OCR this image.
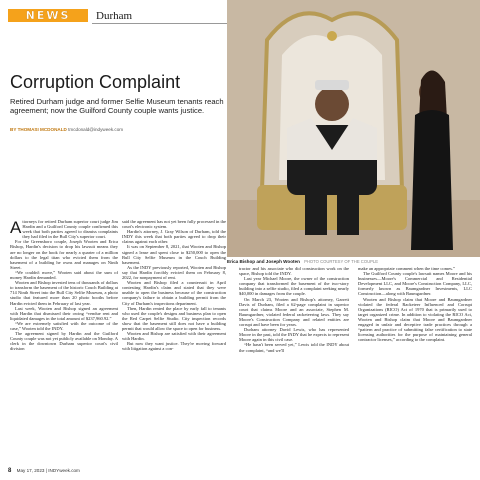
NEWS Durham
Corruption Complaint

Retired Durham judge and former Selfie Museum tenants reach agreement; now the Guilford County couple wants justice.

BY THOMASI MCDONALD tmcdonald@indyweek.com

Erica Bishop and Joseph Wooten PHOTO COURTESY OF THE COUPLE
A ttorneys for retired Durham superior court judge Jim Hardin and a Guilford County couple confirmed this week that both parties agreed to dismiss complaints they had filed in the Bull City's superior court.

For the Greensboro couple, Joseph Wooten and Erica Bishop, Hardin's decision to drop his lawsuit means they are no longer on the hook for nearly a quarter of a million dollars to the legal titan who evicted them from the basement of a building he owns and manages on Ninth Street.

“We couldn't move,” Wooten said about the sum of money Hardin demanded.

Wooten and Bishop invested tens of thousands of dollars to transform the basement of the historic Couch Building at 714 Ninth Street into the Bull City Selfie Museum, a photo studio that featured more than 20 photo booths before Hardin evicted them in February of last year.

Last week, Wooten and Bishop signed an agreement with Hardin that dismissed their owing “vendue rent and liquidated damages in the total amount of $237,960.92.”

“We are extremely satisfied with the outcome of the case,” Wooten told the INDY.

The agreement signed by Hardin and the Guilford County couple was not yet publicly available on Monday. A clerk in the downtown Durham superior court's civil division

said the agreement has not yet been fully processed in the court's electronic system.

Hardin's attorney, J. Gray Wilson of Durham, told the INDY this week that both parties agreed to drop their claims against each other.

It was on September 8, 2021, that Wooten and Bishop signed a lease and spent close to $250,000 to open the Bull City Selfie Museum in the Couch Building basement.

As the INDY previously reported, Wooten and Bishop say that Hardin forcibly evicted them on February 8, 2022, for nonpayment of rent.

Wooten and Bishop filed a countersuit in April contesting Hardin's claim and stated that they were unable to open the business because of the construction company's failure to obtain a building permit from the City of Durham's inspections department.

Then, Hardin rented the place by early fall to tenants who used the couple's designs and business plan to open the Red Carpet Selfie Studio. City inspection records show that the basement still does not have a building permit that would allow the space to open for business.

Wooten and Bishop are satisfied with their agreement with Hardin.

But now they want justice. They're moving forward with litigation against a con-

tractor and his associate who did construction work on the space, Bishop told the INDY.

Last year Michael Moore, the owner of the construction company that transformed the basement of the two-story building into a selfie studio, filed a complaint seeking nearly $40,000 in damages from the couple.

On March 23, Wooten and Bishop's attorney, Garrett Davis of Durham, filed a 62-page complaint in superior court that claims Moore and an associate, Stephen M. Baumgardner, violated federal racketeering laws. They say Moore's Construction Company and related entities are corrupt and have been for years.

Durham attorney David Lewis, who has represented Moore in the past, told the INDY that he expects to represent Moore again in this civil case.

“He hasn't been served yet,” Lewis told the INDY about the complaint, “and we'll

make an appropriate comment when the time comes.”

The Guilford County couple's lawsuit names Moore and his businesses—Moore's Commercial and Residential Development LLC, and Moore's Construction Company, LLC, formerly known as Baumgardner Investments, LLC Construction—along with Baumgardner.

Wooten and Bishop claim that Moore and Baumgardner violated the federal Racketeer Influenced and Corrupt Organizations (RICO) Act of 1970 that is primarily used to target organized crime. In addition to violating the RICO Act, Wooten and Bishop claim that Moore and Baumgardner engaged in unfair and deceptive trade practices through a “pattern and practice of submitting false certification to state licensing authorities for the purpose of maintaining general contractor licenses,” according to the complaint.

8 May 17, 2023 | INDYweek.com
